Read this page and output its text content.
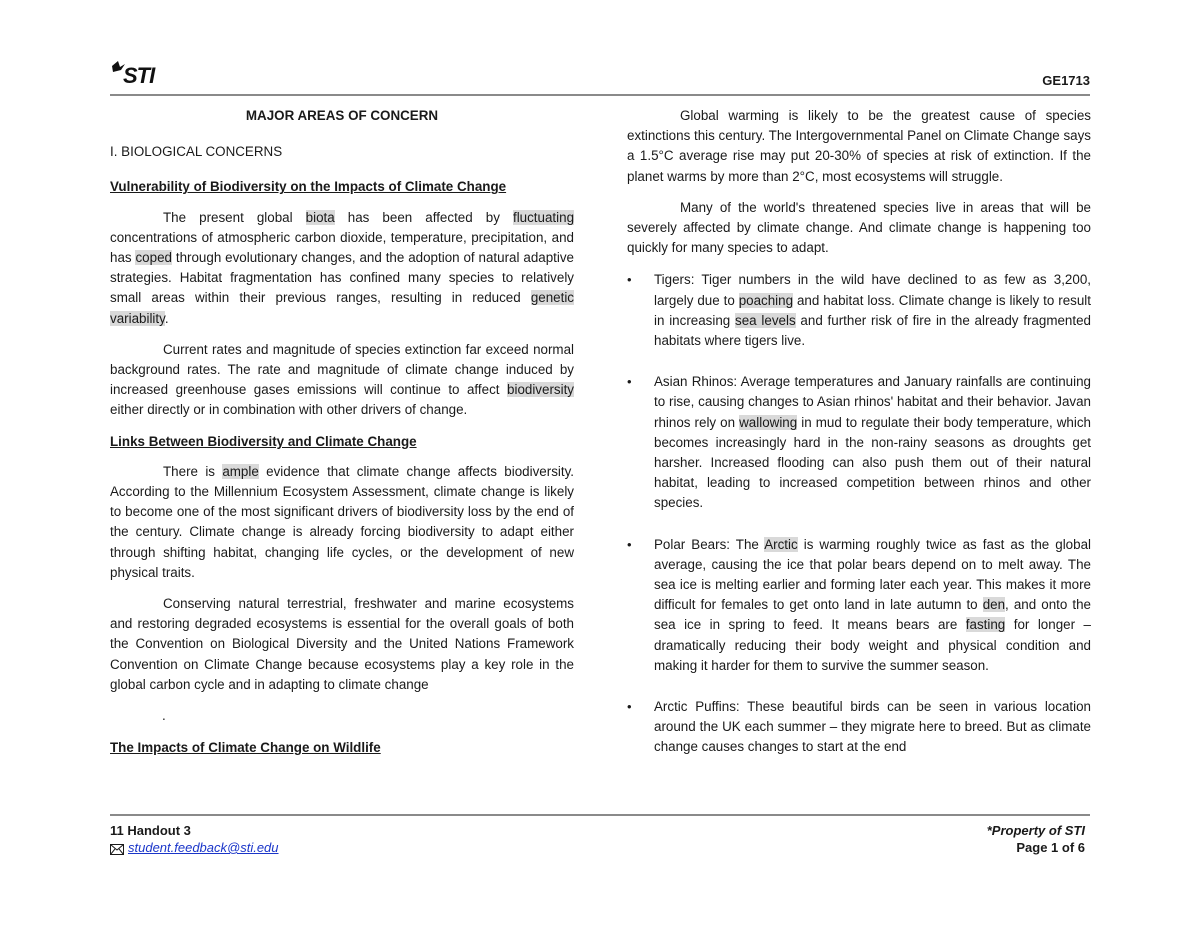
STI	GE1713

MAJOR AREAS OF CONCERN

I. BIOLOGICAL CONCERNS

Vulnerability of Biodiversity on the Impacts of Climate Change

The present global biota has been affected by fluctuating concentrations of atmospheric carbon dioxide, temperature, precipitation, and has coped through evolutionary changes, and the adoption of natural adaptive strategies. Habitat fragmentation has confined many species to relatively small areas within their previous ranges, resulting in reduced genetic variability.

Current rates and magnitude of species extinction far exceed normal background rates. The rate and magnitude of climate change induced by increased greenhouse gases emissions will continue to affect biodiversity either directly or in combination with other drivers of change.

Links Between Biodiversity and Climate Change

There is ample evidence that climate change affects biodiversity. According to the Millennium Ecosystem Assessment, climate change is likely to become one of the most significant drivers of biodiversity loss by the end of the century. Climate change is already forcing biodiversity to adapt either through shifting habitat, changing life cycles, or the development of new physical traits.

Conserving natural terrestrial, freshwater and marine ecosystems and restoring degraded ecosystems is essential for the overall goals of both the Convention on Biological Diversity and the United Nations Framework Convention on Climate Change because ecosystems play a key role in the global carbon cycle and in adapting to climate change

.

The Impacts of Climate Change on Wildlife

Global warming is likely to be the greatest cause of species extinctions this century. The Intergovernmental Panel on Climate Change says a 1.5°C average rise may put 20-30% of species at risk of extinction. If the planet warms by more than 2°C, most ecosystems will struggle.

Many of the world's threatened species live in areas that will be severely affected by climate change. And climate change is happening too quickly for many species to adapt.

• Tigers: Tiger numbers in the wild have declined to as few as 3,200, largely due to poaching and habitat loss. Climate change is likely to result in increasing sea levels and further risk of fire in the already fragmented habitats where tigers live.
• Asian Rhinos: Average temperatures and January rainfalls are continuing to rise, causing changes to Asian rhinos' habitat and their behavior. Javan rhinos rely on wallowing in mud to regulate their body temperature, which becomes increasingly hard in the non-rainy seasons as droughts get harsher. Increased flooding can also push them out of their natural habitat, leading to increased competition between rhinos and other species.
• Polar Bears: The Arctic is warming roughly twice as fast as the global average, causing the ice that polar bears depend on to melt away. The sea ice is melting earlier and forming later each year. This makes it more difficult for females to get onto land in late autumn to den, and onto the sea ice in spring to feed. It means bears are fasting for longer – dramatically reducing their body weight and physical condition and making it harder for them to survive the summer season.
• Arctic Puffins: These beautiful birds can be seen in various location around the UK each summer – they migrate here to breed. But as climate change causes changes to start at the end

11 Handout 3

student.feedback@sti.edu

*Property of STI

Page 1 of 6
